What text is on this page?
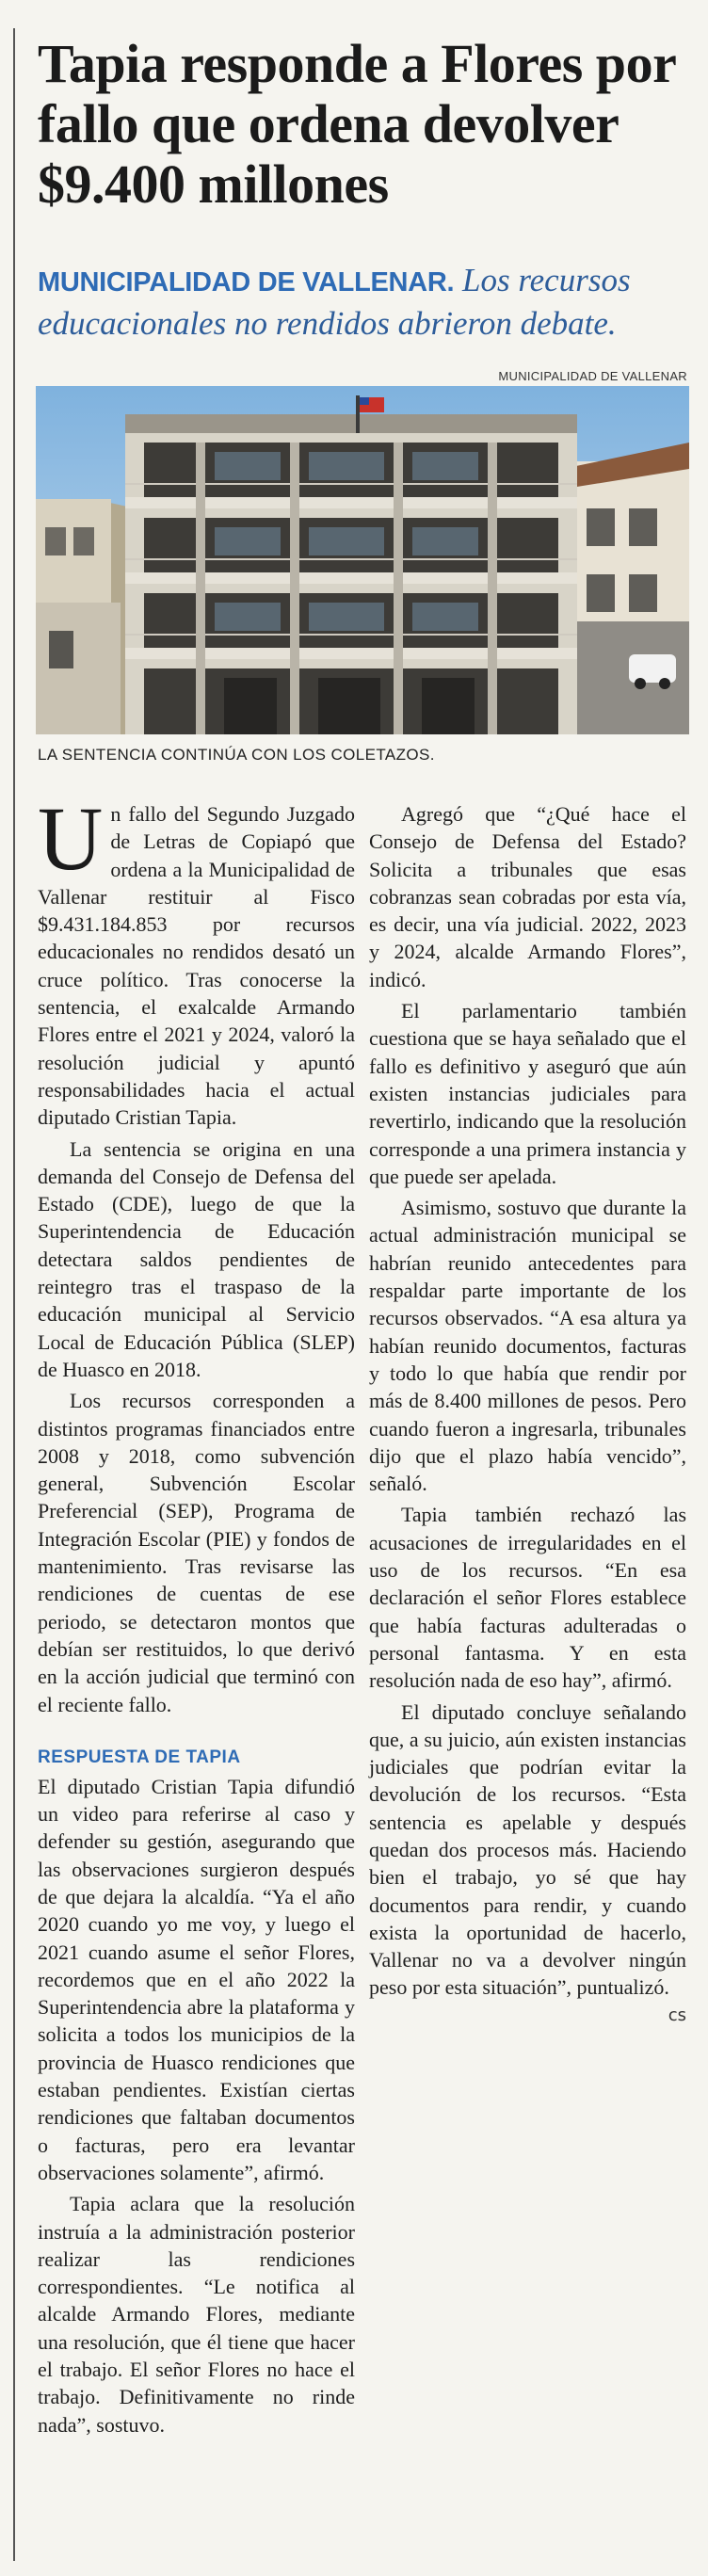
Tapia responde a Flores por fallo que ordena devolver $9.400 millones
MUNICIPALIDAD DE VALLENAR. Los recursos educacionales no rendidos abrieron debate.
MUNICIPALIDAD DE VALLENAR
LA SENTENCIA CONTINÚA CON LOS COLETAZOS.

Un fallo del Segundo Juzgado de Letras de Copiapó que ordena a la Municipalidad de Vallenar restituir al Fisco $9.431.184.853 por recursos educacionales no rendidos desató un cruce político. Tras conocerse la sentencia, el exalcalde Armando Flores entre el 2021 y 2024, valoró la resolución judicial y apuntó responsabilidades hacia el actual diputado Cristian Tapia.

La sentencia se origina en una demanda del Consejo de Defensa del Estado (CDE), luego de que la Superintendencia de Educación detectara saldos pendientes de reintegro tras el traspaso de la educación municipal al Servicio Local de Educación Pública (SLEP) de Huasco en 2018.

Los recursos corresponden a distintos programas financiados entre 2008 y 2018, como subvención general, Subvención Escolar Preferencial (SEP), Programa de Integración Escolar (PIE) y fondos de mantenimiento. Tras revisarse las rendiciones de cuentas de ese periodo, se detectaron montos que debían ser restituidos, lo que derivó en la acción judicial que terminó con el reciente fallo.

RESPUESTA DE TAPIA

El diputado Cristian Tapia difundió un video para referirse al caso y defender su gestión, asegurando que las observaciones surgieron después de que dejara la alcaldía. “Ya el año 2020 cuando yo me voy, y luego el 2021 cuando asume el señor Flores, recordemos que en el año 2022 la Superintendencia abre la plataforma y solicita a todos los municipios de la provincia de Huasco rendiciones que estaban pendientes. Existían ciertas rendiciones que faltaban documentos o facturas, pero era levantar observaciones solamente”, afirmó.

Tapia aclara que la resolución instruía a la administración posterior realizar las rendiciones correspondientes. “Le notifica al alcalde Armando Flores, mediante una resolución, que él tiene que hacer el trabajo. El señor Flores no hace el trabajo. Definitivamente no rinde nada”, sostuvo.

Agregó que “¿Qué hace el Consejo de Defensa del Estado? Solicita a tribunales que esas cobranzas sean cobradas por esta vía, es decir, una vía judicial. 2022, 2023 y 2024, alcalde Armando Flores”, indicó.

El parlamentario también cuestiona que se haya señalado que el fallo es definitivo y aseguró que aún existen instancias judiciales para revertirlo, indicando que la resolución corresponde a una primera instancia y que puede ser apelada.

Asimismo, sostuvo que durante la actual administración municipal se habrían reunido antecedentes para respaldar parte importante de los recursos observados. “A esa altura ya habían reunido documentos, facturas y todo lo que había que rendir por más de 8.400 millones de pesos. Pero cuando fueron a ingresarla, tribunales dijo que el plazo había vencido”, señaló.

Tapia también rechazó las acusaciones de irregularidades en el uso de los recursos. “En esa declaración el señor Flores establece que había facturas adulteradas o personal fantasma. Y en esta resolución nada de eso hay”, afirmó.

El diputado concluye señalando que, a su juicio, aún existen instancias judiciales que podrían evitar la devolución de los recursos. “Esta sentencia es apelable y después quedan dos procesos más. Haciendo bien el trabajo, yo sé que hay documentos para rendir, y cuando exista la oportunidad de hacerlo, Vallenar no va a devolver ningún peso por esta situación”, puntualizó.
cs
